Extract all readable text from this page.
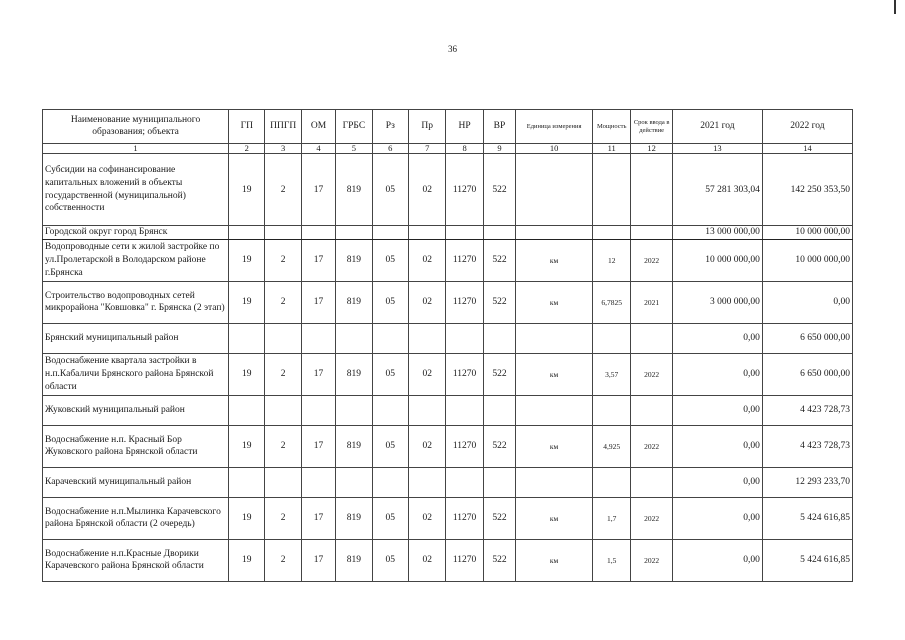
36
Наименование муниципального образования; объекта	ГП	ППГП	ОМ	ГРБС	Рз	Пр	НР	ВР	Единица измерения	Мощность	Срок ввода в действие	2021 год	2022 год
1	2	3	4	5	6	7	8	9	10	11	12	13	14
Субсидии на софинансирование капитальных вложений в объекты государственной (муниципальной) собственности	19	2	17	819	05	02	11270	522				57 281 303,04	142 250 353,50
Городской округ город Брянск												13 000 000,00	10 000 000,00
Водопроводные сети к жилой застройке по ул.Пролетарской в Володарском районе г.Брянска	19	2	17	819	05	02	11270	522	км	12	2022	10 000 000,00	10 000 000,00
Строительство водопроводных сетей микрорайона "Ковшовка" г. Брянска (2 этап)	19	2	17	819	05	02	11270	522	км	6,7825	2021	3 000 000,00	0,00
Брянский муниципальный район												0,00	6 650 000,00
Водоснабжение квартала застройки в н.п.Кабаличи Брянского района Брянской области	19	2	17	819	05	02	11270	522	км	3,57	2022	0,00	6 650 000,00
Жуковский муниципальный район												0,00	4 423 728,73
Водоснабжение н.п. Красный Бор Жуковского района Брянской области	19	2	17	819	05	02	11270	522	км	4,925	2022	0,00	4 423 728,73
Карачевский муниципальный район												0,00	12 293 233,70
Водоснабжение н.п.Мылинка Карачевского района Брянской области (2 очередь)	19	2	17	819	05	02	11270	522	км	1,7	2022	0,00	5 424 616,85
Водоснабжение н.п.Красные Дворики Карачевского района Брянской области	19	2	17	819	05	02	11270	522	км	1,5	2022	0,00	5 424 616,85
